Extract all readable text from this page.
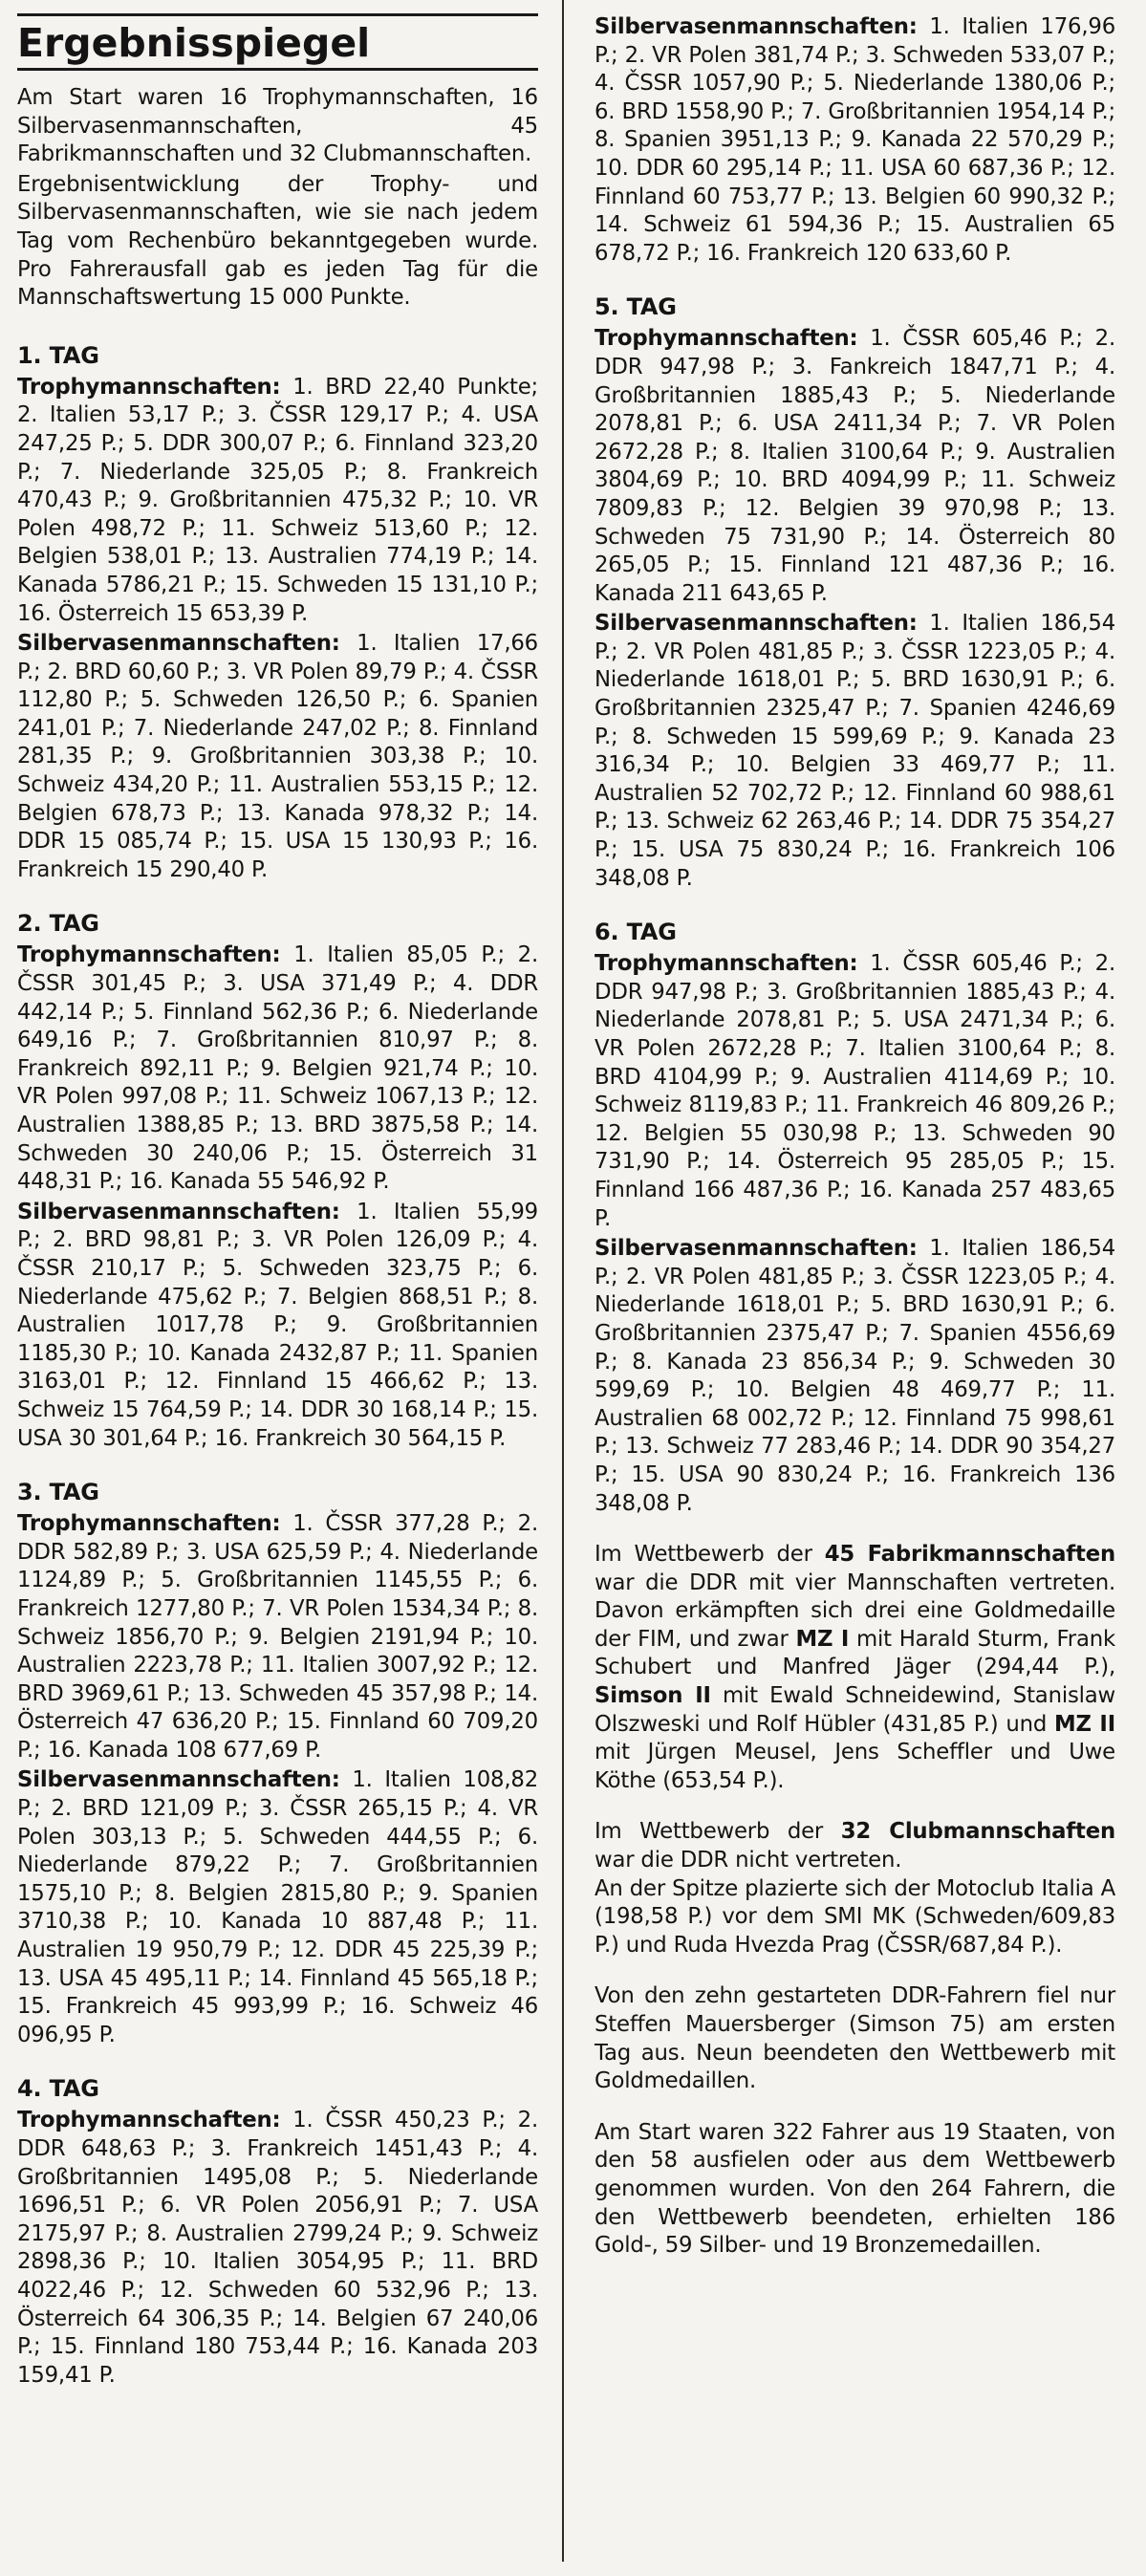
Ergebnisspiegel

Am Start waren 16 Trophymannschaften, 16 Silbervasenmannschaften, 45 Fabrikmannschaften und 32 Clubmannschaften.

Ergebnisentwicklung der Trophy- und Silbervasenmannschaften, wie sie nach jedem Tag vom Rechenbüro bekanntgegeben wurde. Pro Fahrerausfall gab es jeden Tag für die Mannschaftswertung 15 000 Punkte.

1. TAG

Trophymannschaften: 1. BRD 22,40 Punkte; 2. Italien 53,17 P.; 3. ČSSR 129,17 P.; 4. USA 247,25 P.; 5. DDR 300,07 P.; 6. Finnland 323,20 P.; 7. Niederlande 325,05 P.; 8. Frankreich 470,43 P.; 9. Großbritannien 475,32 P.; 10. VR Polen 498,72 P.; 11. Schweiz 513,60 P.; 12. Belgien 538,01 P.; 13. Australien 774,19 P.; 14. Kanada 5786,21 P.; 15. Schweden 15 131,10 P.; 16. Österreich 15 653,39 P.

Silbervasenmannschaften: 1. Italien 17,66 P.; 2. BRD 60,60 P.; 3. VR Polen 89,79 P.; 4. ČSSR 112,80 P.; 5. Schweden 126,50 P.; 6. Spanien 241,01 P.; 7. Niederlande 247,02 P.; 8. Finnland 281,35 P.; 9. Großbritannien 303,38 P.; 10. Schweiz 434,20 P.; 11. Australien 553,15 P.; 12. Belgien 678,73 P.; 13. Kanada 978,32 P.; 14. DDR 15 085,74 P.; 15. USA 15 130,93 P.; 16. Frankreich 15 290,40 P.

2. TAG

Trophymannschaften: 1. Italien 85,05 P.; 2. ČSSR 301,45 P.; 3. USA 371,49 P.; 4. DDR 442,14 P.; 5. Finnland 562,36 P.; 6. Niederlande 649,16 P.; 7. Großbritannien 810,97 P.; 8. Frankreich 892,11 P.; 9. Belgien 921,74 P.; 10. VR Polen 997,08 P.; 11. Schweiz 1067,13 P.; 12. Australien 1388,85 P.; 13. BRD 3875,58 P.; 14. Schweden 30 240,06 P.; 15. Österreich 31 448,31 P.; 16. Kanada 55 546,92 P.

Silbervasenmannschaften: 1. Italien 55,99 P.; 2. BRD 98,81 P.; 3. VR Polen 126,09 P.; 4. ČSSR 210,17 P.; 5. Schweden 323,75 P.; 6. Niederlande 475,62 P.; 7. Belgien 868,51 P.; 8. Australien 1017,78 P.; 9. Großbritannien 1185,30 P.; 10. Kanada 2432,87 P.; 11. Spanien 3163,01 P.; 12. Finnland 15 466,62 P.; 13. Schweiz 15 764,59 P.; 14. DDR 30 168,14 P.; 15. USA 30 301,64 P.; 16. Frankreich 30 564,15 P.

3. TAG

Trophymannschaften: 1. ČSSR 377,28 P.; 2. DDR 582,89 P.; 3. USA 625,59 P.; 4. Niederlande 1124,89 P.; 5. Großbritannien 1145,55 P.; 6. Frankreich 1277,80 P.; 7. VR Polen 1534,34 P.; 8. Schweiz 1856,70 P.; 9. Belgien 2191,94 P.; 10. Australien 2223,78 P.; 11. Italien 3007,92 P.; 12. BRD 3969,61 P.; 13. Schweden 45 357,98 P.; 14. Österreich 47 636,20 P.; 15. Finnland 60 709,20 P.; 16. Kanada 108 677,69 P.

Silbervasenmannschaften: 1. Italien 108,82 P.; 2. BRD 121,09 P.; 3. ČSSR 265,15 P.; 4. VR Polen 303,13 P.; 5. Schweden 444,55 P.; 6. Niederlande 879,22 P.; 7. Großbritannien 1575,10 P.; 8. Belgien 2815,80 P.; 9. Spanien 3710,38 P.; 10. Kanada 10 887,48 P.; 11. Australien 19 950,79 P.; 12. DDR 45 225,39 P.; 13. USA 45 495,11 P.; 14. Finnland 45 565,18 P.; 15. Frankreich 45 993,99 P.; 16. Schweiz 46 096,95 P.

4. TAG

Trophymannschaften: 1. ČSSR 450,23 P.; 2. DDR 648,63 P.; 3. Frankreich 1451,43 P.; 4. Großbritannien 1495,08 P.; 5. Niederlande 1696,51 P.; 6. VR Polen 2056,91 P.; 7. USA 2175,97 P.; 8. Australien 2799,24 P.; 9. Schweiz 2898,36 P.; 10. Italien 3054,95 P.; 11. BRD 4022,46 P.; 12. Schweden 60 532,96 P.; 13. Österreich 64 306,35 P.; 14. Belgien 67 240,06 P.; 15. Finnland 180 753,44 P.; 16. Kanada 203 159,41 P.

Silbervasenmannschaften: 1. Italien 176,96 P.; 2. VR Polen 381,74 P.; 3. Schweden 533,07 P.; 4. ČSSR 1057,90 P.; 5. Niederlande 1380,06 P.; 6. BRD 1558,90 P.; 7. Großbritannien 1954,14 P.; 8. Spanien 3951,13 P.; 9. Kanada 22 570,29 P.; 10. DDR 60 295,14 P.; 11. USA 60 687,36 P.; 12. Finnland 60 753,77 P.; 13. Belgien 60 990,32 P.; 14. Schweiz 61 594,36 P.; 15. Australien 65 678,72 P.; 16. Frankreich 120 633,60 P.

5. TAG

Trophymannschaften: 1. ČSSR 605,46 P.; 2. DDR 947,98 P.; 3. Fankreich 1847,71 P.; 4. Großbritannien 1885,43 P.; 5. Niederlande 2078,81 P.; 6. USA 2411,34 P.; 7. VR Polen 2672,28 P.; 8. Italien 3100,64 P.; 9. Australien 3804,69 P.; 10. BRD 4094,99 P.; 11. Schweiz 7809,83 P.; 12. Belgien 39 970,98 P.; 13. Schweden 75 731,90 P.; 14. Österreich 80 265,05 P.; 15. Finnland 121 487,36 P.; 16. Kanada 211 643,65 P.

Silbervasenmannschaften: 1. Italien 186,54 P.; 2. VR Polen 481,85 P.; 3. ČSSR 1223,05 P.; 4. Niederlande 1618,01 P.; 5. BRD 1630,91 P.; 6. Großbritannien 2325,47 P.; 7. Spanien 4246,69 P.; 8. Schweden 15 599,69 P.; 9. Kanada 23 316,34 P.; 10. Belgien 33 469,77 P.; 11. Australien 52 702,72 P.; 12. Finnland 60 988,61 P.; 13. Schweiz 62 263,46 P.; 14. DDR 75 354,27 P.; 15. USA 75 830,24 P.; 16. Frankreich 106 348,08 P.

6. TAG

Trophymannschaften: 1. ČSSR 605,46 P.; 2. DDR 947,98 P.; 3. Großbritannien 1885,43 P.; 4. Niederlande 2078,81 P.; 5. USA 2471,34 P.; 6. VR Polen 2672,28 P.; 7. Italien 3100,64 P.; 8. BRD 4104,99 P.; 9. Australien 4114,69 P.; 10. Schweiz 8119,83 P.; 11. Frankreich 46 809,26 P.; 12. Belgien 55 030,98 P.; 13. Schweden 90 731,90 P.; 14. Österreich 95 285,05 P.; 15. Finnland 166 487,36 P.; 16. Kanada 257 483,65 P.

Silbervasenmannschaften: 1. Italien 186,54 P.; 2. VR Polen 481,85 P.; 3. ČSSR 1223,05 P.; 4. Niederlande 1618,01 P.; 5. BRD 1630,91 P.; 6. Großbritannien 2375,47 P.; 7. Spanien 4556,69 P.; 8. Kanada 23 856,34 P.; 9. Schweden 30 599,69 P.; 10. Belgien 48 469,77 P.; 11. Australien 68 002,72 P.; 12. Finnland 75 998,61 P.; 13. Schweiz 77 283,46 P.; 14. DDR 90 354,27 P.; 15. USA 90 830,24 P.; 16. Frankreich 136 348,08 P.

Im Wettbewerb der 45 Fabrikmannschaften war die DDR mit vier Mannschaften vertreten. Davon erkämpften sich drei eine Goldmedaille der FIM, und zwar MZ I mit Harald Sturm, Frank Schubert und Manfred Jäger (294,44 P.), Simson II mit Ewald Schneidewind, Stanislaw Olszweski und Rolf Hübler (431,85 P.) und MZ II mit Jürgen Meusel, Jens Scheffler und Uwe Köthe (653,54 P.).

Im Wettbewerb der 32 Clubmannschaften war die DDR nicht vertreten.

An der Spitze plazierte sich der Motoclub Italia A (198,58 P.) vor dem SMI MK (Schweden/609,83 P.) und Ruda Hvezda Prag (ČSSR/687,84 P.).

Von den zehn gestarteten DDR-Fahrern fiel nur Steffen Mauersberger (Simson 75) am ersten Tag aus. Neun beendeten den Wettbewerb mit Goldmedaillen.

Am Start waren 322 Fahrer aus 19 Staaten, von den 58 ausfielen oder aus dem Wettbewerb genommen wurden. Von den 264 Fahrern, die den Wettbewerb beendeten, erhielten 186 Gold-, 59 Silber- und 19 Bronzemedaillen.
